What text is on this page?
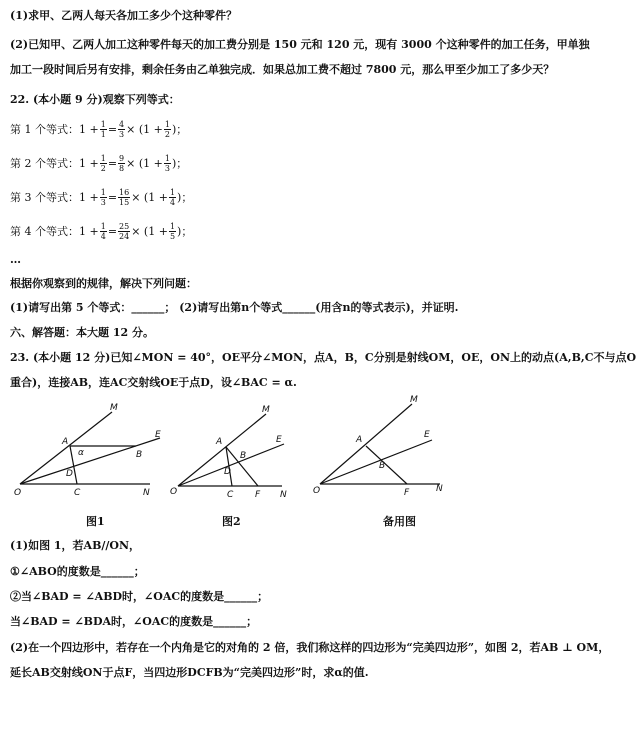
(1)求甲、乙两人每天各加工多少个这种零件？
(2)已知甲、乙两人加工这种零件每天的加工费分别是 150 元和 120 元，现有 3000 个这种零件的加工任务，甲单独
加工一段时间后另有安排，剩余任务由乙单独完成．如果总加工费不超过 7800 元，那么甲至少加工了多少天？
22. (本小题 9 分)观察下列等式：
第 1 个等式： $1 + \frac{1}{1} = \frac{4}{3} \times (1 + \frac{1}{2}$ )；
第 2 个等式： $1 + \frac{1}{2} = \frac{9}{8} \times (1 + \frac{1}{3}$ )；
第 3 个等式： $1 + \frac{1}{3} = \frac{16}{15} \times (1 + \frac{1}{4}$ )；
第 4 个等式： $1 + \frac{1}{4} = \frac{25}{24} \times (1 + \frac{1}{5}$ )；
…
根据你观察到的规律，解决下列问题：
(1)请写出第 5 个等式：______； (2)请写出第n个等式______(用含n的等式表示)，并证明.
六、解答题：本大题 12 分。
23. (本小题 12 分)已知∠MON = 40°，OE平分∠MON，点A，B，C分别是射线OM，OE，ON上的动点(A,B,C不与点O
重合)，连接AB，连AC交射线OE于点D，设∠BAC = α.
M
E
A
B
D
α
O	C	N
M
E
A
B
D
O	C F N
M
E
A
B
O	F	N
图1	图2	备用图
(1)如图 1，若AB//ON，
①∠ABO的度数是______；
②当∠BAD = ∠ABD时，∠OAC的度数是______；
当∠BAD = ∠BDA时，∠OAC的度数是______；
(2)在一个四边形中，若存在一个内角是它的对角的 2 倍，我们称这样的四边形为“完美四边形”，如图 2，若AB ⊥ OM，
延长AB交射线ON于点F，当四边形DCFB为“完美四边形”时，求α的值.
